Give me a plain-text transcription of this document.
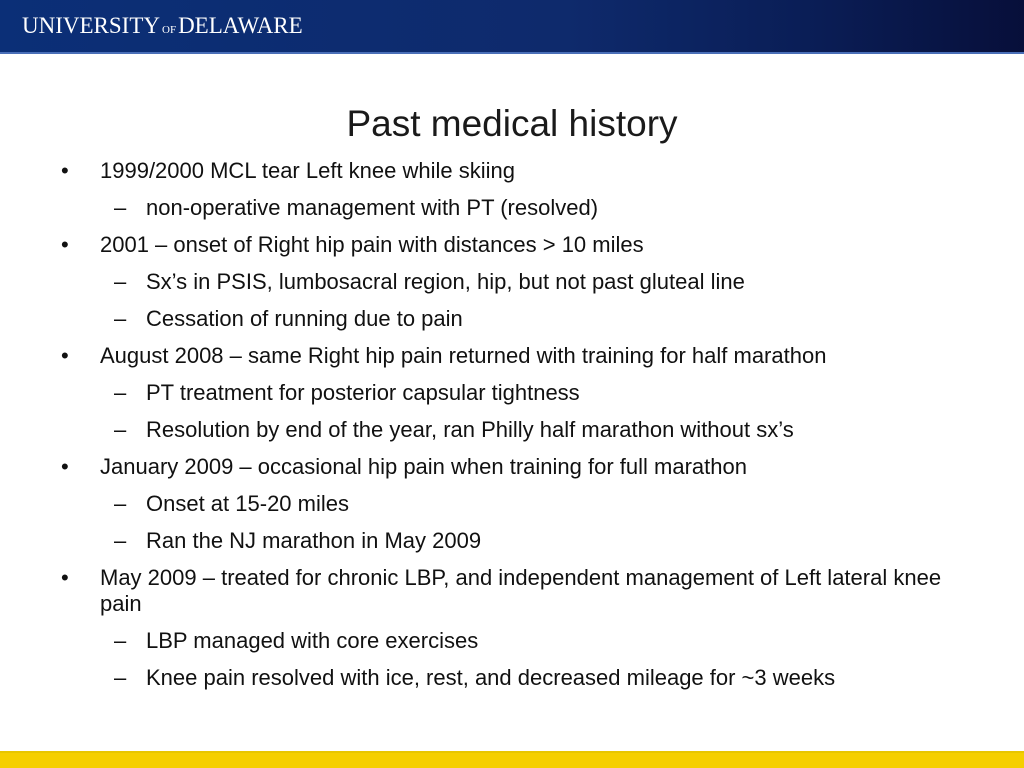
UNIVERSITY OF DELAWARE
Past medical history
• 1999/2000 MCL tear Left knee while skiing
– non-operative management with PT (resolved)
• 2001 – onset of Right hip pain with distances > 10 miles
– Sx’s in PSIS, lumbosacral region, hip, but not past gluteal line
– Cessation of running due to pain
• August 2008 – same Right hip pain returned with training for half marathon
– PT treatment for posterior capsular tightness
– Resolution by end of the year, ran Philly half marathon without sx’s
• January 2009 – occasional hip pain when training for full marathon
– Onset at 15-20 miles
– Ran the NJ marathon in May 2009
• May 2009 – treated for chronic LBP, and independent management of Left lateral knee pain
– LBP managed with core exercises
– Knee pain resolved with ice, rest, and decreased mileage for ~3 weeks
